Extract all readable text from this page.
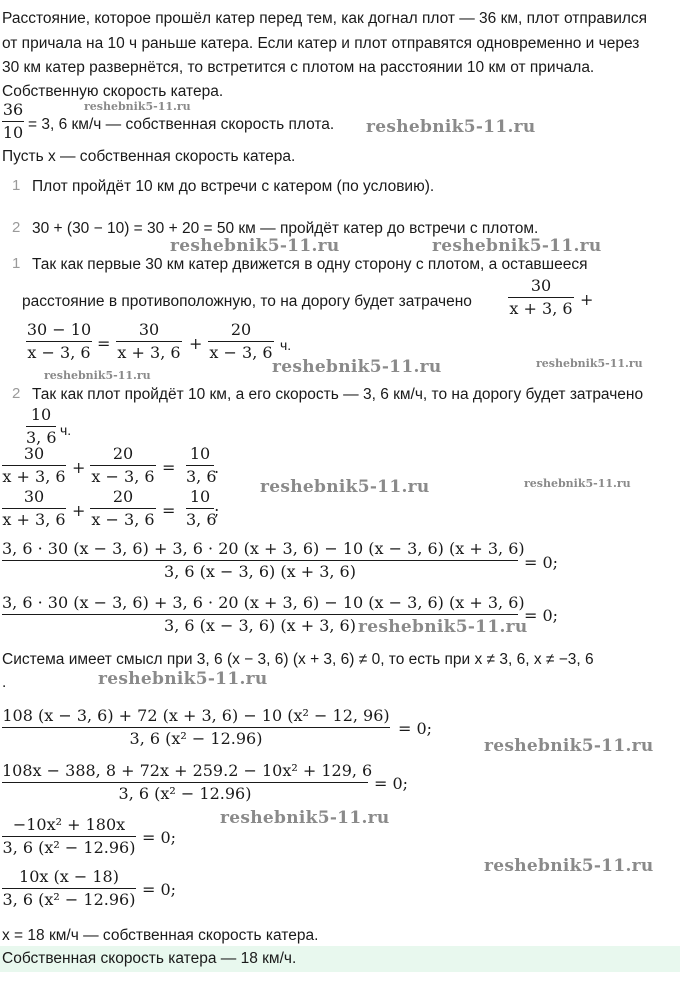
Расстояние, которое прошёл катер перед тем, как догнал плот — 36 км, плот отправился
от причала на 10 ч раньше катера. Если катер и плот отправятся одновременно и через
30 км катер развернётся, то встретится с плотом на расстоянии 10 км от причала.
Собственную скорость катера.
36
10 = 3, 6 км/ч — собственная скорость плота.
Пусть x — собственная скорость катера.
1 Плот пройдёт 10 км до встречи с катером (по условию).
2 30 + (30 − 10) = 30 + 20 = 50 км — пройдёт катер до встречи с плотом.
1 Так как первые 30 км катер движется в одну сторону с плотом, а оставшееся
расстояние в противоположную, то на дорогу будет затрачено
30
x + 3, 6 +
30 − 10
x − 3, 6 =
30
x + 3, 6 +
20
x − 3, 6 ч.
2 Так как плот пройдёт 10 км, а его скорость — 3, 6 км/ч, то на дорогу будет затрачено
10
3, 6 ч.
30
x + 3, 6 +
20
x − 3, 6 =
10
3, 6
.
30
x + 3, 6 +
20
x − 3, 6 =
10
3, 6
;
3, 6 · 30 (x − 3, 6) + 3, 6 · 20 (x + 3, 6) − 10 (x − 3, 6) (x + 3, 6)
3, 6 (x − 3, 6) (x + 3, 6)	= 0;
3, 6 · 30 (x − 3, 6) + 3, 6 · 20 (x + 3, 6) − 10 (x − 3, 6) (x + 3, 6)
3, 6 (x − 3, 6) (x + 3, 6)
= 0;
Система имеет смысл при 3, 6 (x − 3, 6) (x + 3, 6) ≠ 0, то есть при x ≠ 3, 6, x ≠ −3, 6
.
108 (x − 3, 6) + 72 (x + 3, 6) − 10 (x² − 12, 96)
3, 6 (x² − 12.96)
= 0;
108x − 388, 8 + 72x + 259.2 − 10x² + 129, 6
3, 6 (x² − 12.96)
= 0;
−10x² + 180x
3, 6 (x² − 12.96)
= 0;
10x (x − 18)
3, 6 (x² − 12.96)
= 0;
x = 18 км/ч — собственная скорость катера.
Собственная скорость катера — 18 км/ч.
reshebnik5-11.ru
reshebnik5-11.ru
reshebnik5-11.ru	reshebnik5-11.ru
reshebnik5-11.ru	reshebnik5-11.ru
reshebnik5-11.ru
reshebnik5-11.ru	reshebnik5-11.ru
reshebnik5-11.ru
reshebnik5-11.ru
reshebnik5-11.ru
reshebnik5-11.ru
reshebnik5-11.ru
